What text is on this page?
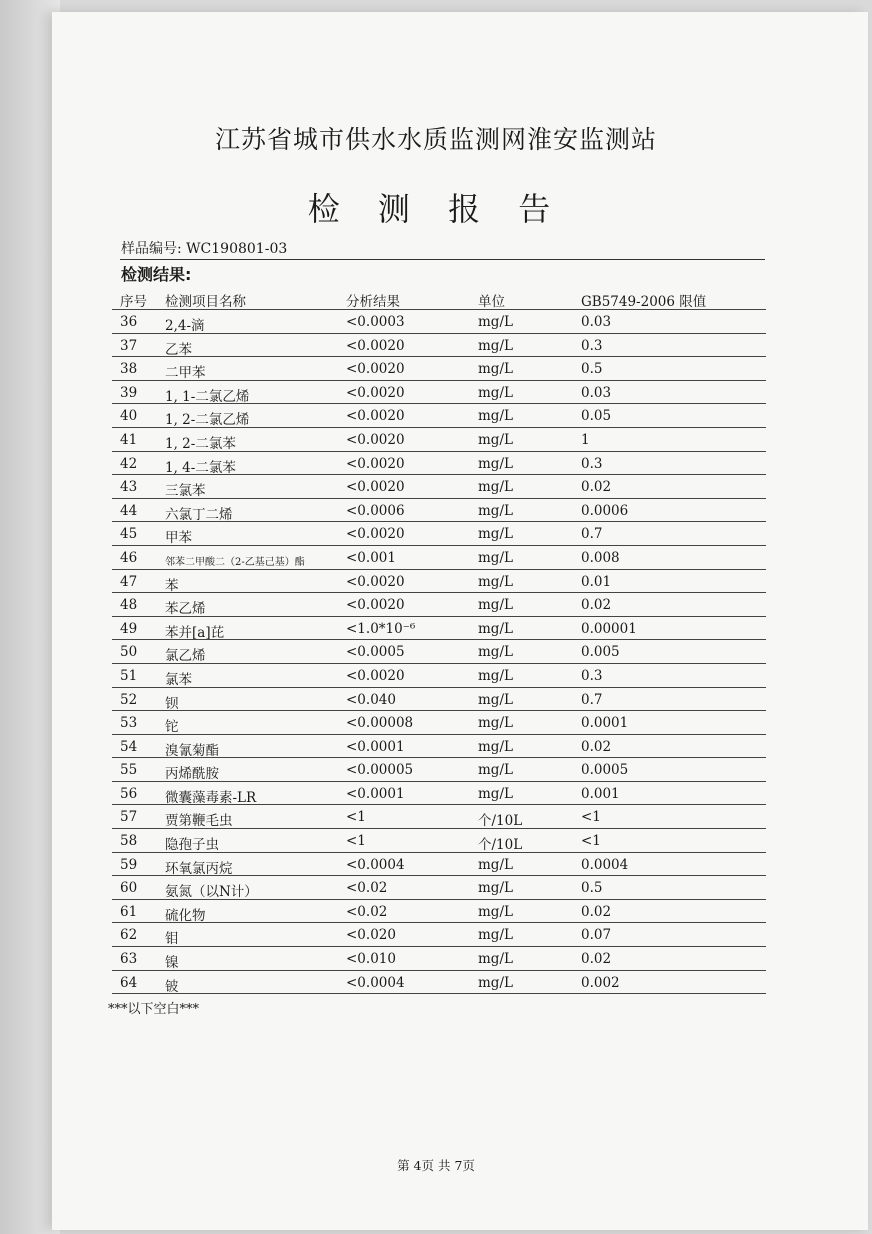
江苏省城市供水水质监测网淮安监测站
检 测 报 告
样品编号: WC190801-03
检测结果:
序号 检测项目名称	分析结果	单位	GB5749-2006 限值
36 2,4-滴	<0.0003	mg/L	0.03
37 乙苯	<0.0020	mg/L	0.3
38 二甲苯	<0.0020	mg/L	0.5
39 1, 1-二氯乙烯	<0.0020	mg/L	0.03
40 1, 2-二氯乙烯	<0.0020	mg/L	0.05
41 1, 2-二氯苯	<0.0020	mg/L	1
42 1, 4-二氯苯	<0.0020	mg/L	0.3
43 三氯苯	<0.0020	mg/L	0.02
44 六氯丁二烯	<0.0006	mg/L	0.0006
45 甲苯	<0.0020	mg/L	0.7
46	邻苯二甲酸二（2-乙基己基）酯	<0.001	mg/L	0.008
47 苯	<0.0020	mg/L	0.01
48 苯乙烯	<0.0020	mg/L	0.02
49 苯并[a]芘	<1.0*10⁻⁶	mg/L	0.00001
50 氯乙烯	<0.0005	mg/L	0.005
51 氯苯	<0.0020	mg/L	0.3
52 钡	<0.040	mg/L	0.7
53 铊	<0.00008	mg/L	0.0001
54 溴氰菊酯	<0.0001	mg/L	0.02
55 丙烯酰胺	<0.00005	mg/L	0.0005
56 微囊藻毒素-LR	<0.0001	mg/L	0.001
57 贾第鞭毛虫	<1	个/10L	<1
58 隐孢子虫	<1	个/10L	<1
59 环氧氯丙烷	<0.0004	mg/L	0.0004
60 氨氮（以N计）	<0.02	mg/L	0.5
61 硫化物	<0.02	mg/L	0.02
62 钼	<0.020	mg/L	0.07
63 镍	<0.010	mg/L	0.02
64 铍	<0.0004	mg/L	0.002
***以下空白***
第 4页 共 7页
